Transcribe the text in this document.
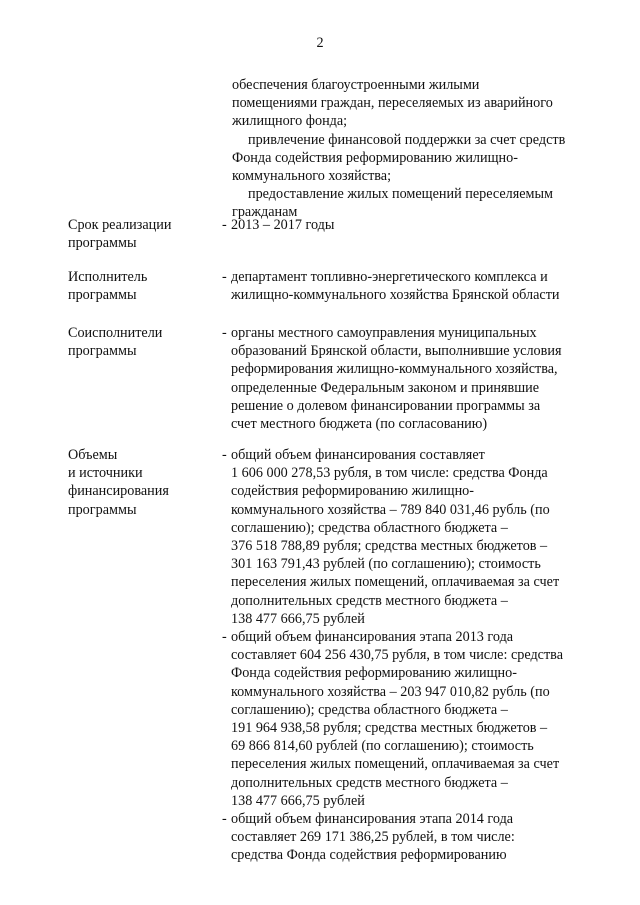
2
обеспечения благоустроенными жилыми
помещениями граждан, переселяемых из аварийного
жилищного фонда;
привлечение финансовой поддержки за счет средств
Фонда содействия реформированию жилищно-
коммунального хозяйства;
предоставление жилых помещений переселяемым
гражданам
Срок реализации
программы
- 2013 – 2017 годы
Исполнитель
программы
- департамент топливно-энергетического комплекса и
жилищно-коммунального хозяйства Брянской области
Соисполнители
программы
- органы местного самоуправления муниципальных
образований Брянской области, выполнившие условия
реформирования жилищно-коммунального хозяйства,
определенные Федеральным законом и принявшие
решение о долевом финансировании программы за
счет местного бюджета (по согласованию)
Объемы
и источники
финансирования
программы
- общий объем финансирования составляет
1 606 000 278,53 рубля, в том числе: средства Фонда
содействия реформированию жилищно-
коммунального хозяйства – 789 840 031,46 рубль (по
соглашению); средства областного бюджета –
376 518 788,89 рубля; средства местных бюджетов –
301 163 791,43 рублей (по соглашению); стоимость
переселения жилых помещений, оплачиваемая за счет
дополнительных средств местного бюджета –
138 477 666,75 рублей
- общий объем финансирования этапа 2013 года
составляет 604 256 430,75 рубля, в том числе: средства
Фонда содействия реформированию жилищно-
коммунального хозяйства – 203 947 010,82 рубль (по
соглашению); средства областного бюджета –
191 964 938,58 рубля; средства местных бюджетов –
69 866 814,60 рублей (по соглашению); стоимость
переселения жилых помещений, оплачиваемая за счет
дополнительных средств местного бюджета –
138 477 666,75 рублей
- общий объем финансирования этапа 2014 года
составляет 269 171 386,25 рублей, в том числе:
средства Фонда содействия реформированию
